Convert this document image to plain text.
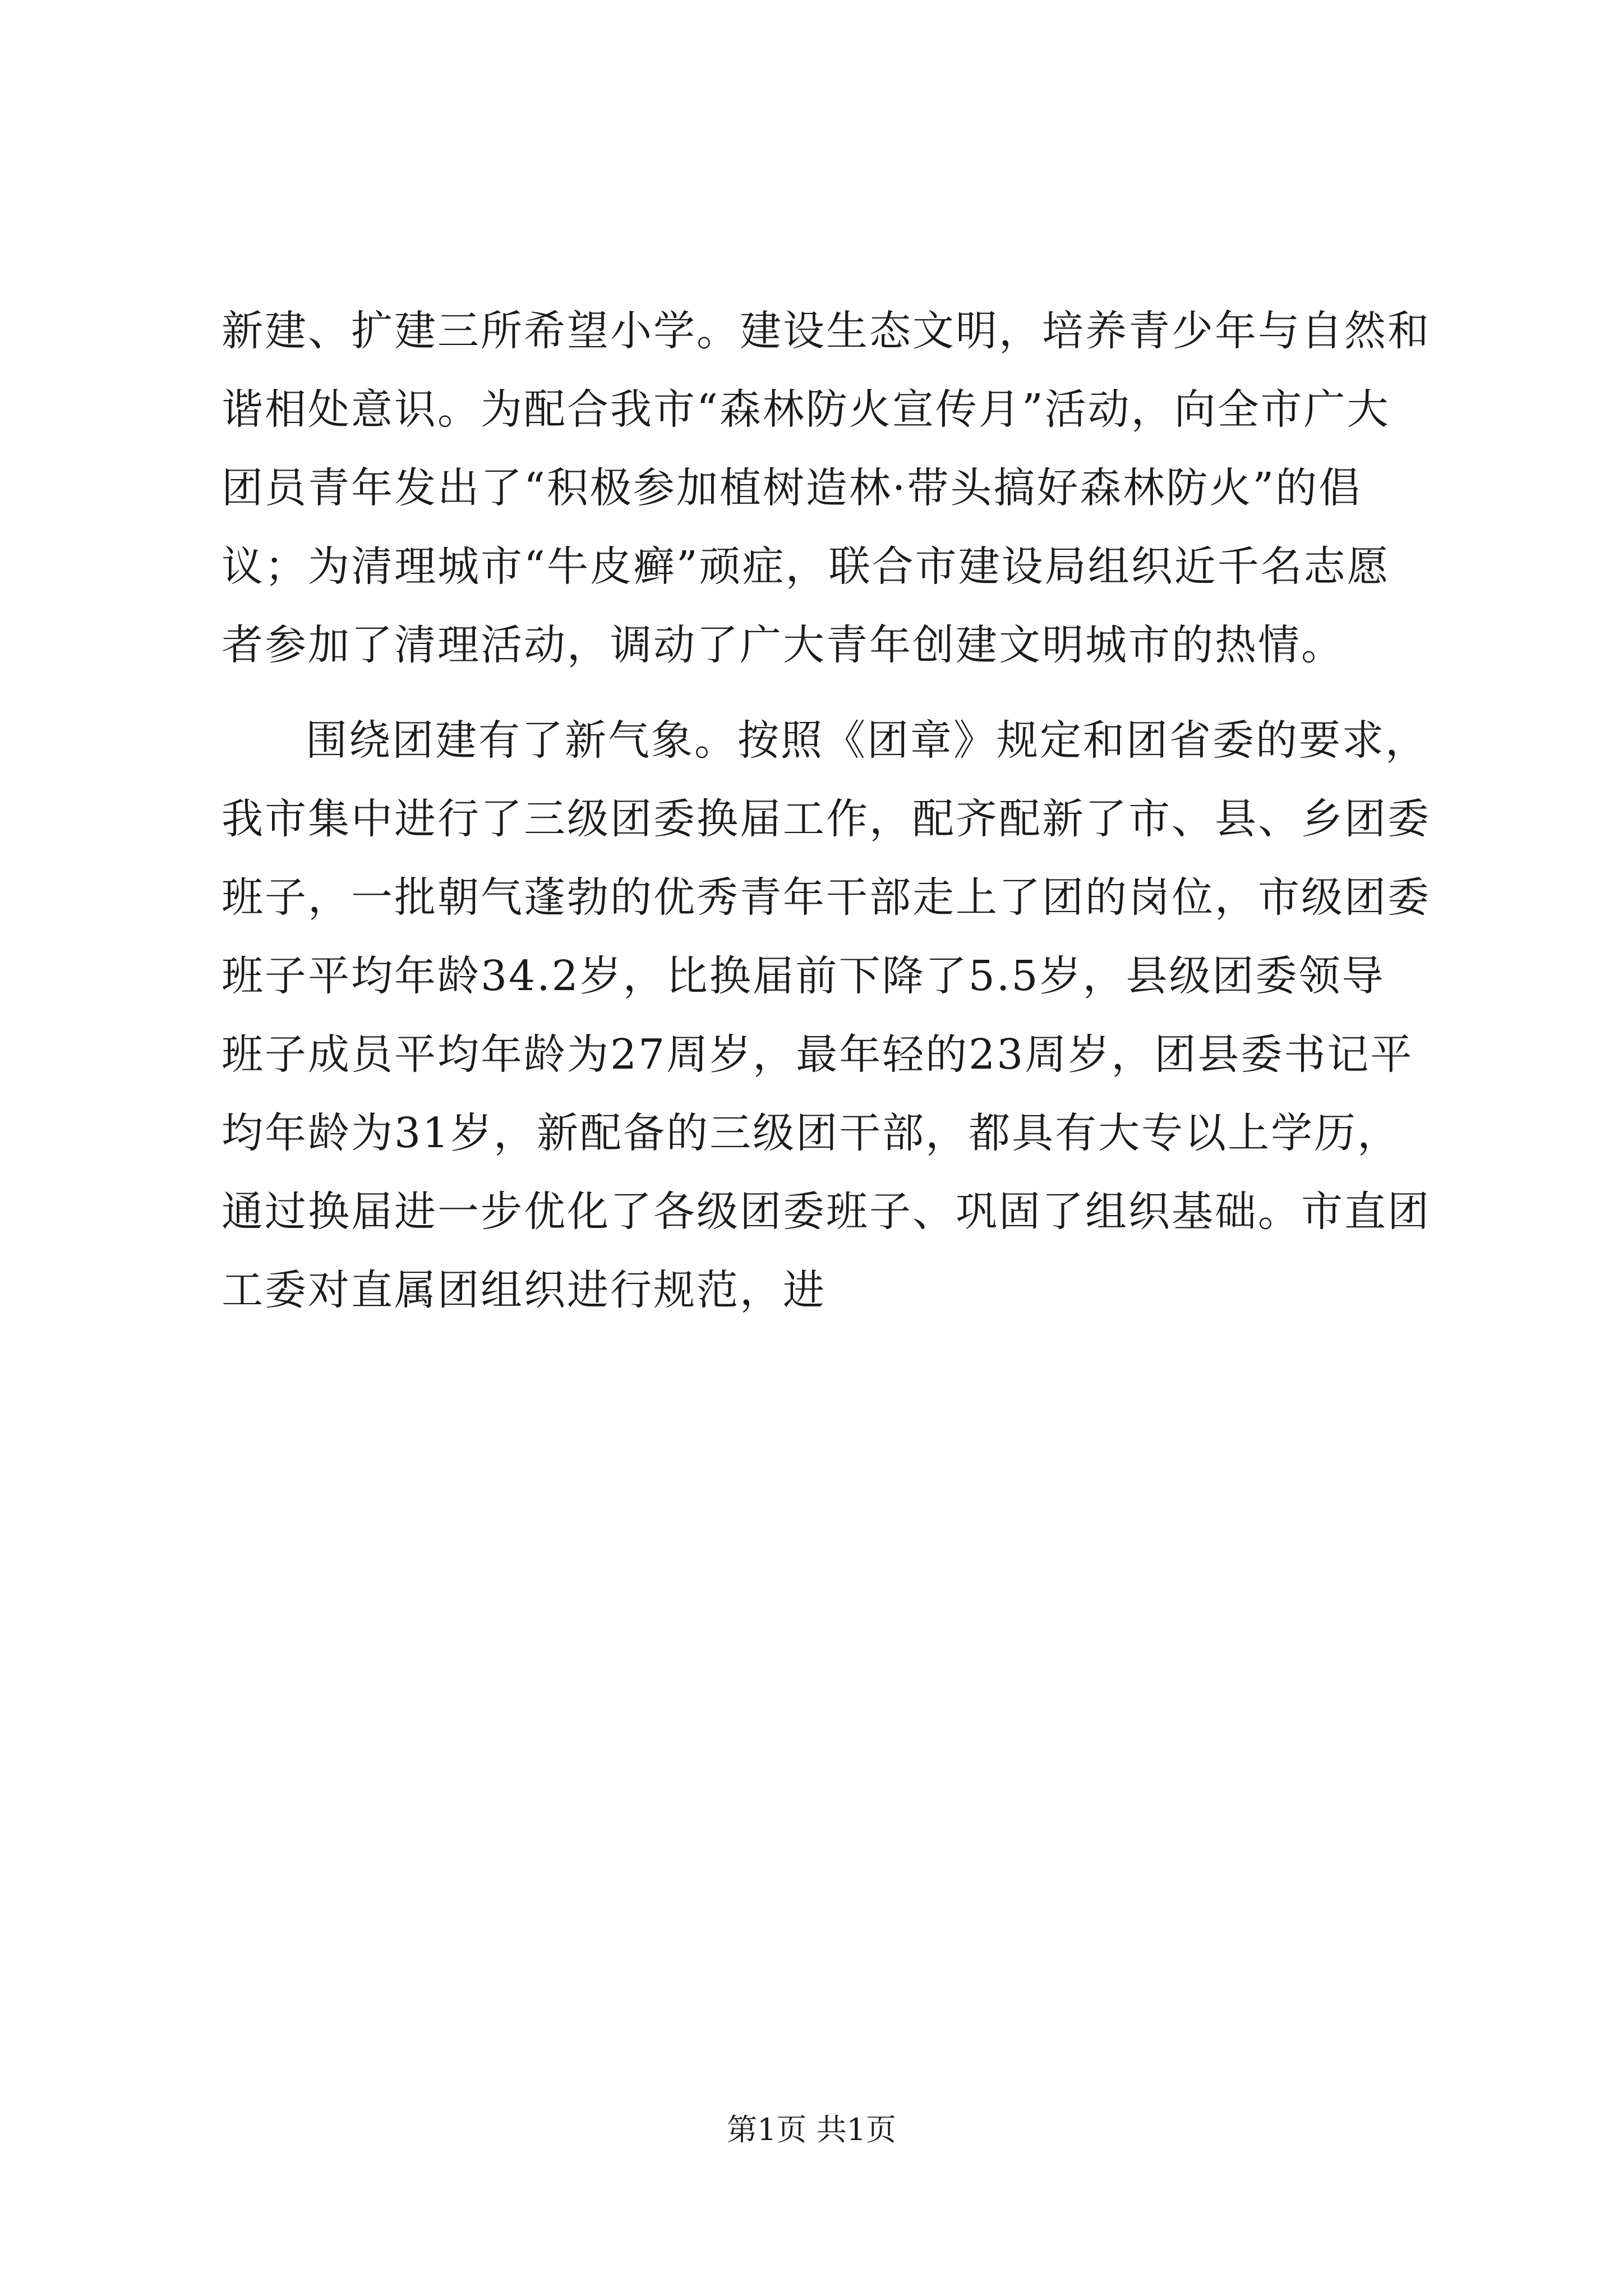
新建、扩建三所希望小学。建设生态文明，培养青少年与自然和
谐相处意识。为配合我市“森林防火宣传月”活动，向全市广大
团员青年发出了“积极参加植树造林·带头搞好森林防火”的倡
议；为清理城市“牛皮癣”顽症，联合市建设局组织近千名志愿
者参加了清理活动，调动了广大青年创建文明城市的热情。
围绕团建有了新气象。按照《团章》规定和团省委的要求，
我市集中进行了三级团委换届工作，配齐配新了市、县、乡团委
班子，一批朝气蓬勃的优秀青年干部走上了团的岗位，市级团委
班子平均年龄34.2岁，比换届前下降了5.5岁，县级团委领导
班子成员平均年龄为27周岁，最年轻的23周岁，团县委书记平
均年龄为31岁，新配备的三级团干部，都具有大专以上学历，
通过换届进一步优化了各级团委班子、巩固了组织基础。市直团
工委对直属团组织进行规范，进
第1页 共1页
